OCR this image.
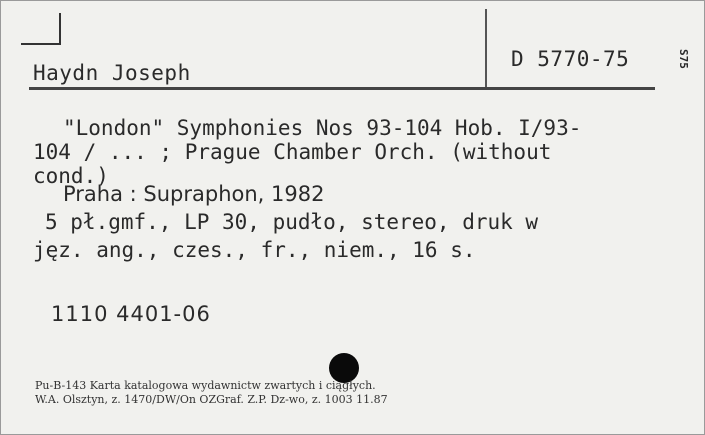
Haydn Joseph
D 5770-75	S75
"London" Symphonies Nos 93-104 Hob. I/93-
104 / ... ; Prague Chamber Orch. (without
cond.)
Praha : Supraphon, 1982
5 pł.gmf., LP 30, pudło, stereo, druk w
jęz. ang., czes., fr., niem., 16 s.
1110 4401-06
Pu-B-143 Karta katalogowa wydawnictw zwartych i ciągłych.
W.A. Olsztyn, z. 1470/DW/On OZGraf. Z.P. Dz-wo, z. 1003 11.87
